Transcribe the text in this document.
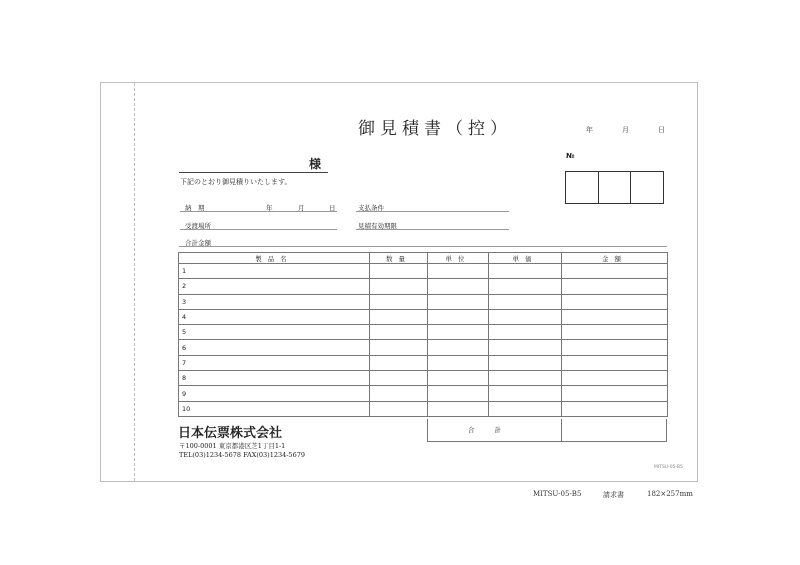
御見積書（控）	年	月	日
№
様
下記のとおり御見積りいたします。
納　期	年	月	日	支払条件
受渡場所	見積有効期限
合計金額
製品名	数量	単位	単価	金額
1				
2				
3				
4				
5				
6				
7				
8				
9				
10				
合計
日本伝票株式会社
〒100-0001 東京都港区芝1丁目1-1
TEL(03)1234-5678 FAX(03)1234-5679
MITSU-05-B5
MITSU-05-B5	請求書	182×257mm
